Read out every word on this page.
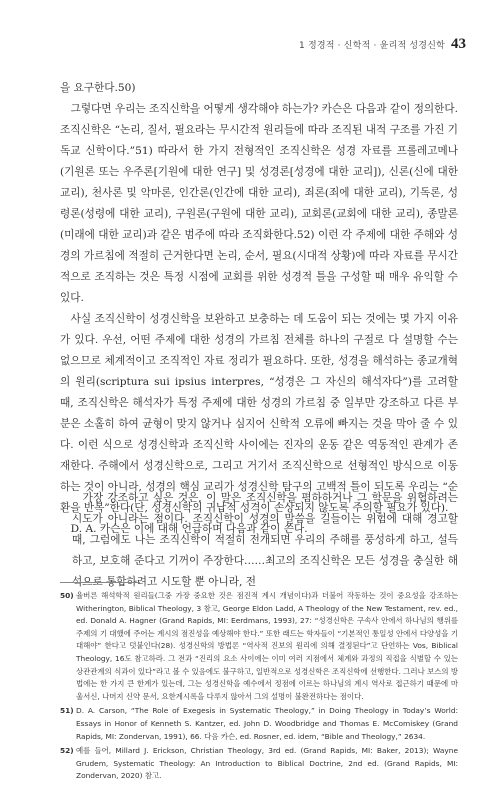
1 정경적 · 신학적 · 윤리적 성경신학 43

을 요구한다.50)

그렇다면 우리는 조직신학을 어떻게 생각해야 하는가? 카슨은 다음과 같이 정의한다. 조직신학은 “논리, 질서, 필요라는 무시간적 원리들에 따라 조직된 내적 구조를 가진 기독교 신학이다.”51) 따라서 한 가지 전형적인 조직신학은 성경 자료를 프롤레고메나(기원론 또는 우주론[기원에 대한 연구] 및 성경론[성경에 대한 교리]), 신론(신에 대한 교리), 천사론 및 악마론, 인간론(인간에 대한 교리), 죄론(죄에 대한 교리), 기독론, 성령론(성령에 대한 교리), 구원론(구원에 대한 교리), 교회론(교회에 대한 교리), 종말론(미래에 대한 교리)과 같은 범주에 따라 조직화한다.52) 이런 각 주제에 대한 주해와 성경의 가르침에 적절히 근거한다면 논리, 순서, 필요(시대적 상황)에 따라 자료를 무시간적으로 조직하는 것은 특정 시점에 교회를 위한 성경적 틀을 구성할 때 매우 유익할 수 있다.

사실 조직신학이 성경신학을 보완하고 보충하는 데 도움이 되는 것에는 몇 가지 이유가 있다. 우선, 어떤 주제에 대한 성경의 가르침 전체를 하나의 구절로 다 설명할 수는 없으므로 체계적이고 조직적인 자료 정리가 필요하다. 또한, 성경을 해석하는 종교개혁의 원리(scriptura sui ipsius interpres, “성경은 그 자신의 해석자다”)를 고려할 때, 조직신학은 해석자가 특정 주제에 대한 성경의 가르침 중 일부만 강조하고 다른 부분은 소홀히 하여 균형이 맞지 않거나 심지어 신학적 오류에 빠지는 것을 막아 줄 수 있다. 이런 식으로 성경신학과 조직신학 사이에는 진자의 운동 같은 역동적인 관계가 존재한다. 주해에서 성경신학으로, 그리고 거기서 조직신학으로 선형적인 방식으로 이동하는 것이 아니라, 성경의 핵심 교리가 성경신학 탐구의 고백적 틀이 되도록 우리는 “순환을 반복”한다(단, 성경신학의 귀납적 성격이 손상되지 않도록 주의할 필요가 있다).

D. A. 카슨은 이에 대해 언급하며 다음과 같이 쓴다.

가장 강조하고 싶은 것은, 이 말은 조직신학을 폄하하거나 그 학문을 위협하려는 시도가 아니라는 점이다. 조직신학이 성경의 말씀을 길들이는 위험에 대해 경고할 때, 그럼에도 나는 조직신학이 적절히 전개되면 우리의 주해를 풍성하게 하고, 설득하고, 보호해 준다고 기꺼이 주장한다……최고의 조직신학은 모든 성경을 충실한 해석으로 통합하려고 시도할 뿐 아니라, 전
50) 율버른 해석학적 원리들(그중 가장 중요한 것은 점진적 계시 개념이다)과 더불어 작동하는 것이 중요성을 강조하는 Witherington, Biblical Theology, 3 참고, George Eldon Ladd, A Theology of the New Testament, rev. ed., ed. Donald A. Hagner (Grand Rapids, MI: Eerdmans, 1993), 27: “성경신학은 구속사 안에서 하나님의 행위를 주제의 기 대했에 주어는 계시의 점진성을 예상해야 한다.” 또한 래드는 학자들이 “기본적인 통일성 안에서 다양성을 기대해야” 한다고 덧붙인다(28). 성경신학의 방법론 “역사적 진보의 원리에 의해 결정된다”고 단언하는 Vos, Biblical Theology, 16도 참고하라. 그 전과 “진리의 요소 사이에는 이미 여러 지점에서 체계와 과정의 직접을 식별할 수 있는 상관관계의 식과이 있다”라고 볼 수 있음에도 불구하고, 일반적으로 성경신학은 조직신학에 선행한다. 그러나 보스의 방법에는 한 가지 큰 한계가 있는데, 그는 성경신학을 예수에서 정점에 이르는 하나님의 계시 역사로 접근하기 때문에 마울서신, 나머지 신약 문서, 요한계시록을 다루지 않아서 그의 설명이 불완전하다는 점이다.
51) D. A. Carson, “The Role of Exegesis in Systematic Theology,” in Doing Theology in Today’s World: Essays in Honor of Kenneth S. Kantzer, ed. John D. Woodbridge and Thomas E. McComiskey (Grand Rapids, MI: Zondervan, 1991), 66. 다음 카슨, ed. Rosner, ed. idem, “Bible and Theology,” 2634.
52) 예를 들어, Millard J. Erickson, Christian Theology, 3rd ed. (Grand Rapids, MI: Baker, 2013); Wayne Grudem, Systematic Theology: An Introduction to Biblical Doctrine, 2nd ed. (Grand Rapids, MI: Zondervan, 2020) 참고.
